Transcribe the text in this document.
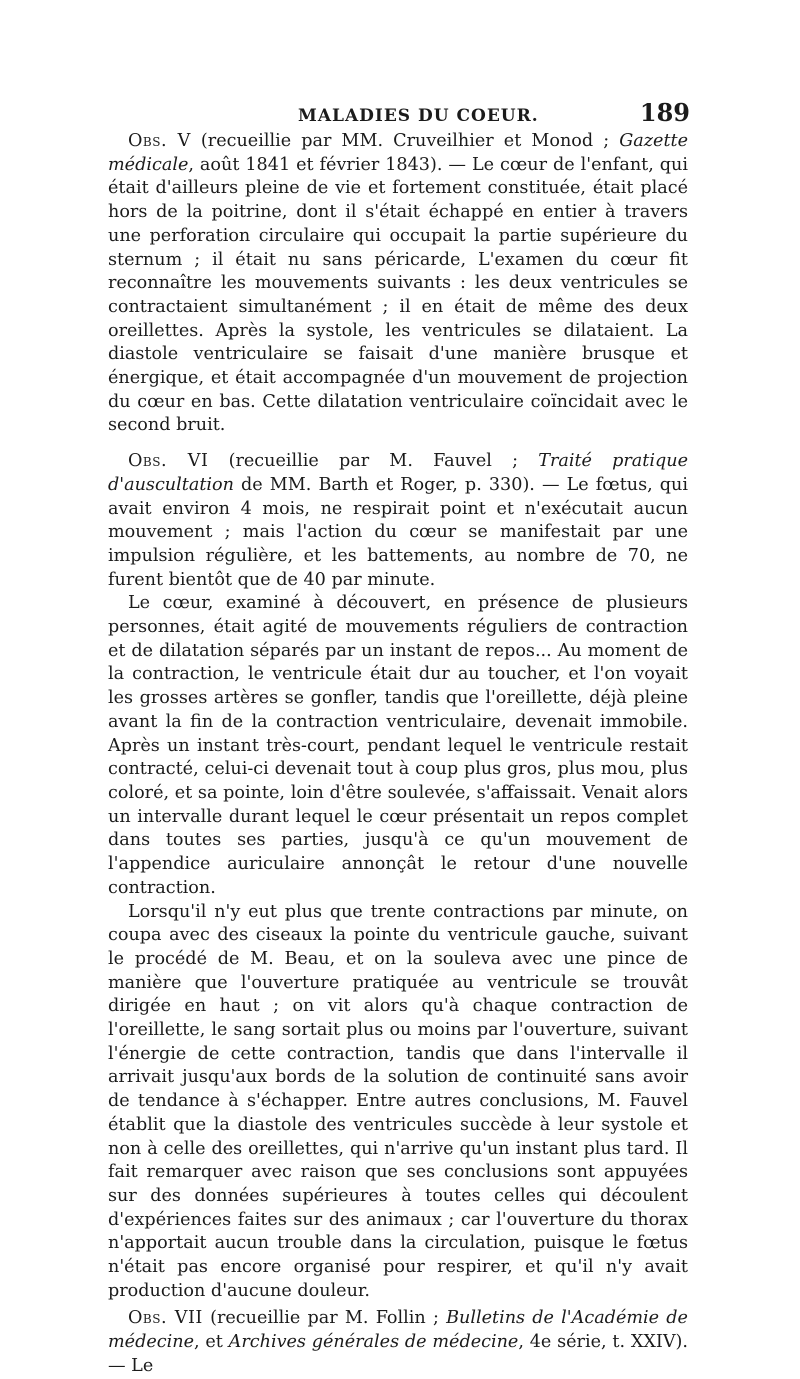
MALADIES DU COEUR.	189

Obs. V (recueillie par MM. Cruveilhier et Monod ; Gazette médicale, août 1841 et février 1843). — Le cœur de l'enfant, qui était d'ailleurs pleine de vie et fortement constituée, était placé hors de la poitrine, dont il s'était échappé en entier à travers une perforation circulaire qui occupait la partie supérieure du sternum ; il était nu sans péricarde, L'examen du cœur fit reconnaître les mouvements suivants : les deux ventricules se contractaient simultanément ; il en était de même des deux oreillettes. Après la systole, les ventricules se dilataient. La diastole ventriculaire se faisait d'une manière brusque et énergique, et était accompagnée d'un mouvement de projection du cœur en bas. Cette dilatation ventriculaire coïncidait avec le second bruit.

Obs. VI (recueillie par M. Fauvel ; Traité pratique d'auscultation de MM. Barth et Roger, p. 330). — Le fœtus, qui avait environ 4 mois, ne respirait point et n'exécutait aucun mouvement ; mais l'action du cœur se manifestait par une impulsion régulière, et les battements, au nombre de 70, ne furent bientôt que de 40 par minute.

Le cœur, examiné à découvert, en présence de plusieurs personnes, était agité de mouvements réguliers de contraction et de dilatation séparés par un instant de repos... Au moment de la contraction, le ventricule était dur au toucher, et l'on voyait les grosses artères se gonfler, tandis que l'oreillette, déjà pleine avant la fin de la contraction ventriculaire, devenait immobile. Après un instant très-court, pendant lequel le ventricule restait contracté, celui-ci devenait tout à coup plus gros, plus mou, plus coloré, et sa pointe, loin d'être soulevée, s'affaissait. Venait alors un intervalle durant lequel le cœur présentait un repos complet dans toutes ses parties, jusqu'à ce qu'un mouvement de l'appendice auriculaire annonçât le retour d'une nouvelle contraction.

Lorsqu'il n'y eut plus que trente contractions par minute, on coupa avec des ciseaux la pointe du ventricule gauche, suivant le procédé de M. Beau, et on la souleva avec une pince de manière que l'ouverture pratiquée au ventricule se trouvât dirigée en haut ; on vit alors qu'à chaque contraction de l'oreillette, le sang sortait plus ou moins par l'ouverture, suivant l'énergie de cette contraction, tandis que dans l'intervalle il arrivait jusqu'aux bords de la solution de continuité sans avoir de tendance à s'échapper. Entre autres conclusions, M. Fauvel établit que la diastole des ventricules succède à leur systole et non à celle des oreillettes, qui n'arrive qu'un instant plus tard. Il fait remarquer avec raison que ses conclusions sont appuyées sur des données supérieures à toutes celles qui découlent d'expériences faites sur des animaux ; car l'ouverture du thorax n'apportait aucun trouble dans la circulation, puisque le fœtus n'était pas encore organisé pour respirer, et qu'il n'y avait production d'aucune douleur.

Obs. VII (recueillie par M. Follin ; Bulletins de l'Académie de médecine, et Archives générales de médecine, 4e série, t. XXIV). — Le
